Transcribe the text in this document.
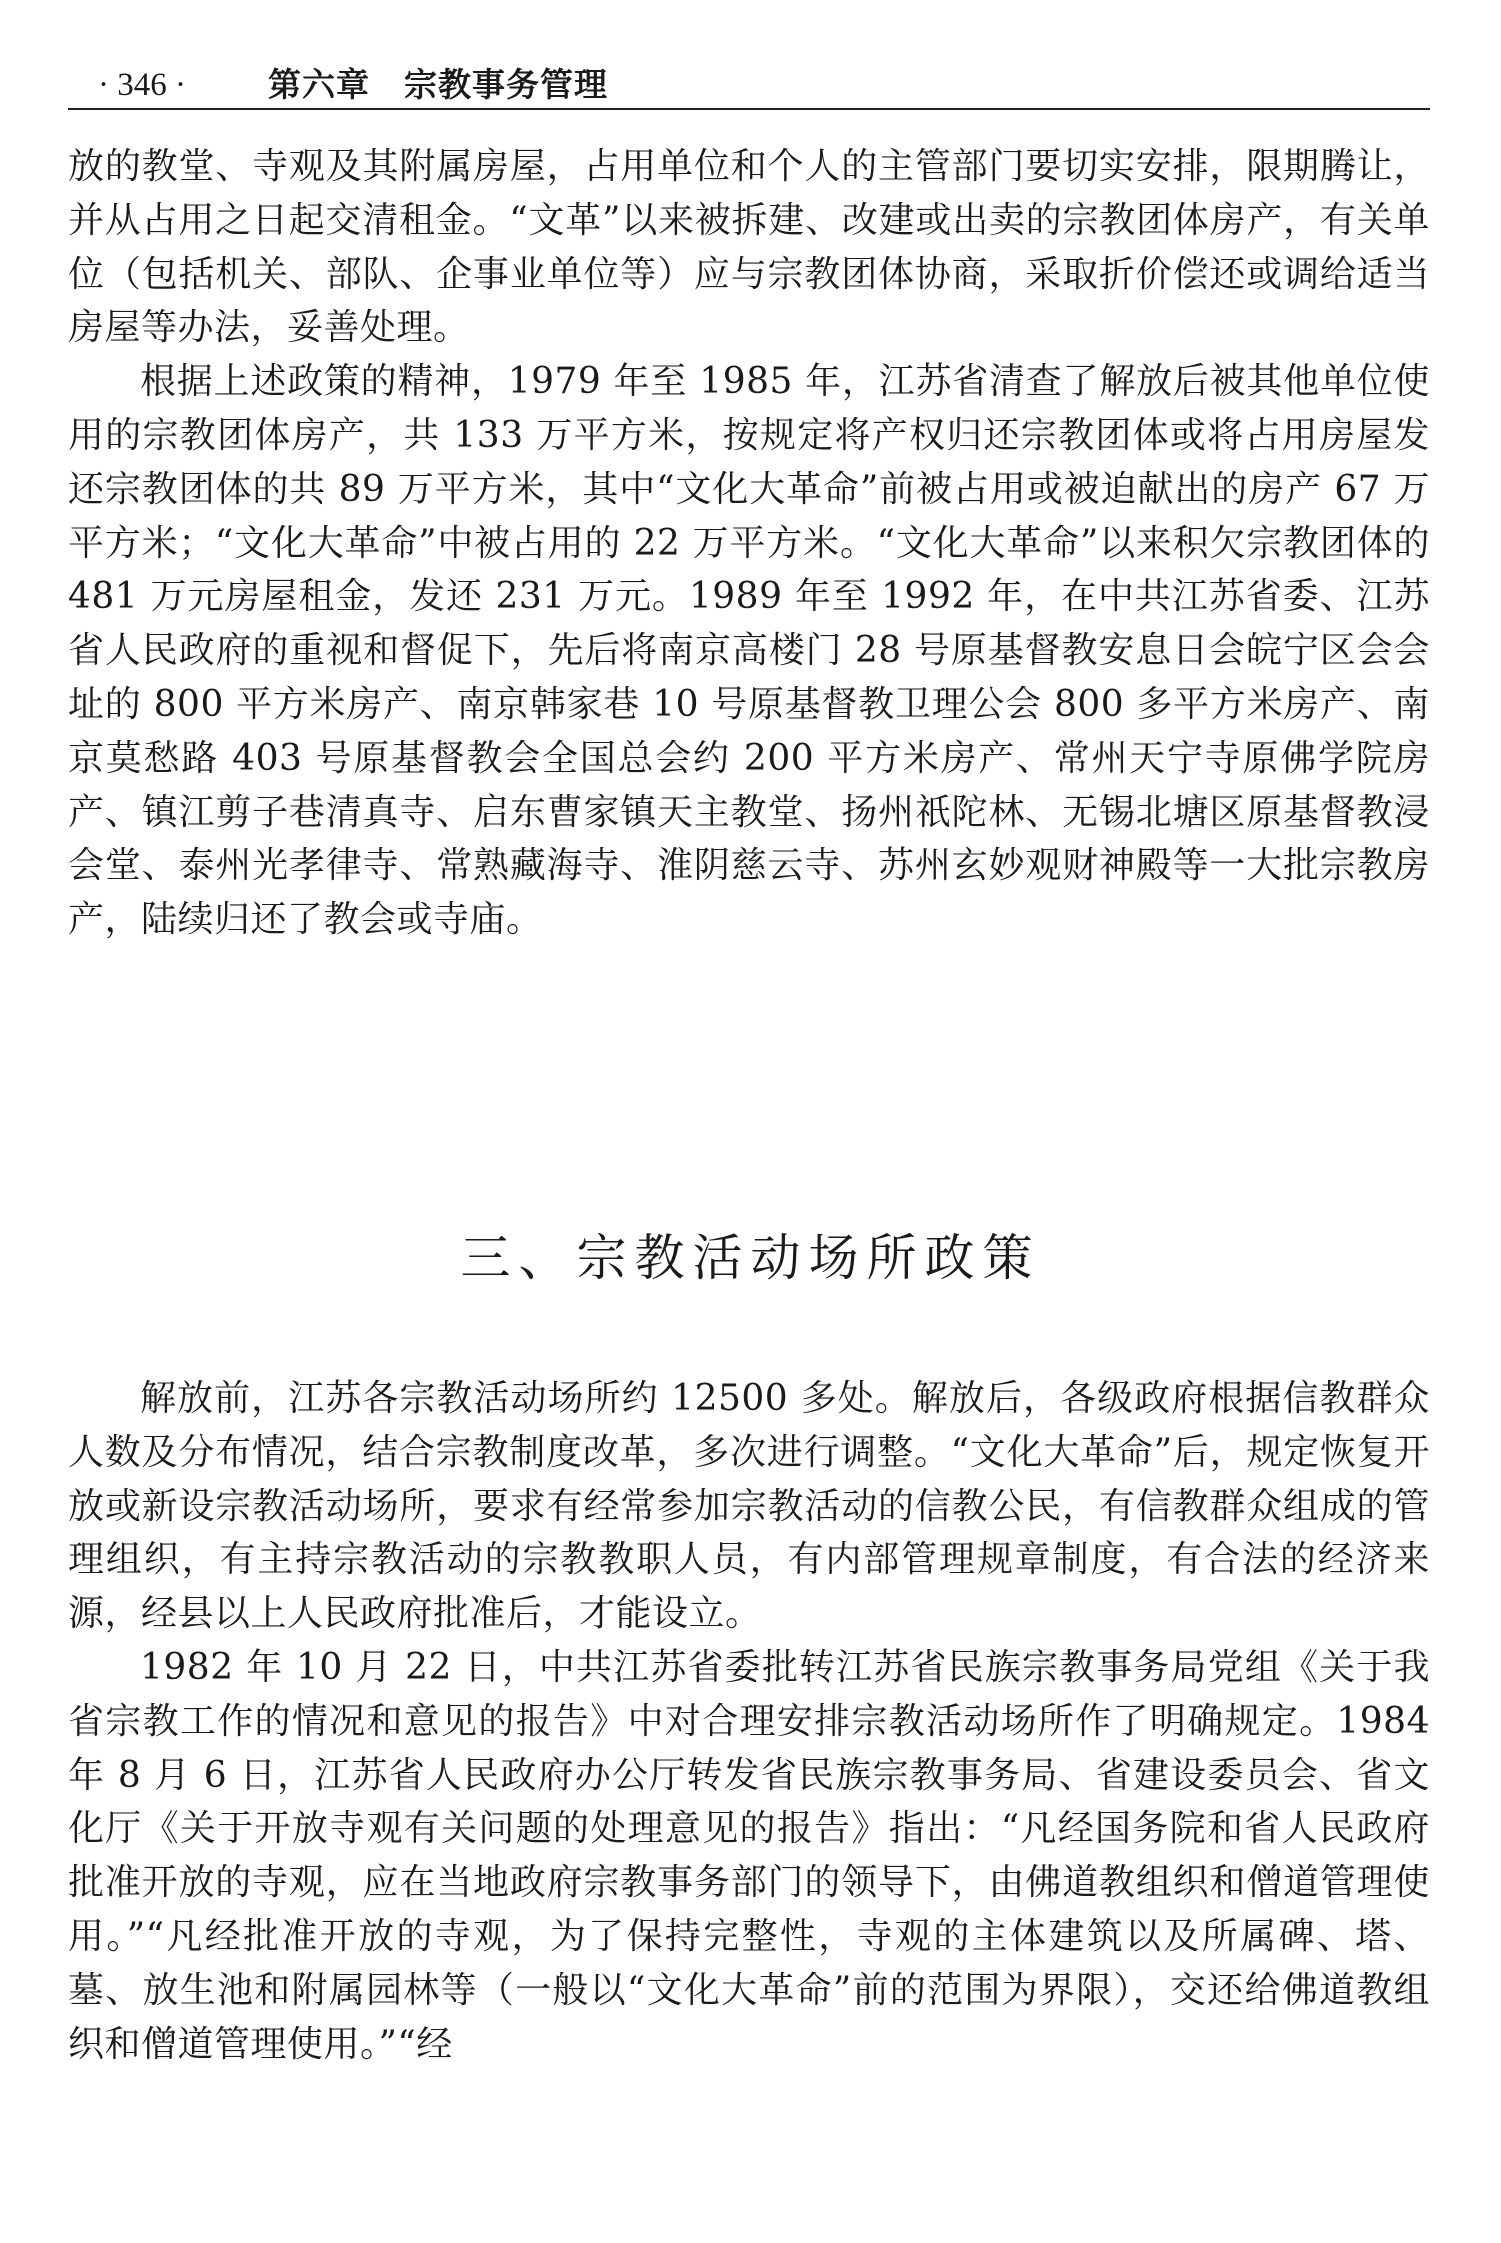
· 346 · 第六章　宗教事务管理

放的教堂、寺观及其附属房屋，占用单位和个人的主管部门要切实安排，限期腾让，并从占用之日起交清租金。“文革”以来被拆建、改建或出卖的宗教团体房产，有关单位（包括机关、部队、企事业单位等）应与宗教团体协商，采取折价偿还或调给适当房屋等办法，妥善处理。

根据上述政策的精神，1979 年至 1985 年，江苏省清查了解放后被其他单位使用的宗教团体房产，共 133 万平方米，按规定将产权归还宗教团体或将占用房屋发还宗教团体的共 89 万平方米，其中“文化大革命”前被占用或被迫献出的房产 67 万平方米；“文化大革命”中被占用的 22 万平方米。“文化大革命”以来积欠宗教团体的 481 万元房屋租金，发还 231 万元。1989 年至 1992 年，在中共江苏省委、江苏省人民政府的重视和督促下，先后将南京高楼门 28 号原基督教安息日会皖宁区会会址的 800 平方米房产、南京韩家巷 10 号原基督教卫理公会 800 多平方米房产、南京莫愁路 403 号原基督教会全国总会约 200 平方米房产、常州天宁寺原佛学院房产、镇江剪子巷清真寺、启东曹家镇天主教堂、扬州祇陀林、无锡北塘区原基督教浸会堂、泰州光孝律寺、常熟藏海寺、淮阴慈云寺、苏州玄妙观财神殿等一大批宗教房产，陆续归还了教会或寺庙。

三、宗教活动场所政策

解放前，江苏各宗教活动场所约 12500 多处。解放后，各级政府根据信教群众人数及分布情况，结合宗教制度改革，多次进行调整。“文化大革命”后，规定恢复开放或新设宗教活动场所，要求有经常参加宗教活动的信教公民，有信教群众组成的管理组织，有主持宗教活动的宗教教职人员，有内部管理规章制度，有合法的经济来源，经县以上人民政府批准后，才能设立。

1982 年 10 月 22 日，中共江苏省委批转江苏省民族宗教事务局党组《关于我省宗教工作的情况和意见的报告》中对合理安排宗教活动场所作了明确规定。1984 年 8 月 6 日，江苏省人民政府办公厅转发省民族宗教事务局、省建设委员会、省文化厅《关于开放寺观有关问题的处理意见的报告》指出：“凡经国务院和省人民政府批准开放的寺观，应在当地政府宗教事务部门的领导下，由佛道教组织和僧道管理使用。”“凡经批准开放的寺观，为了保持完整性，寺观的主体建筑以及所属碑、塔、墓、放生池和附属园林等（一般以“文化大革命”前的范围为界限），交还给佛道教组织和僧道管理使用。”“经
